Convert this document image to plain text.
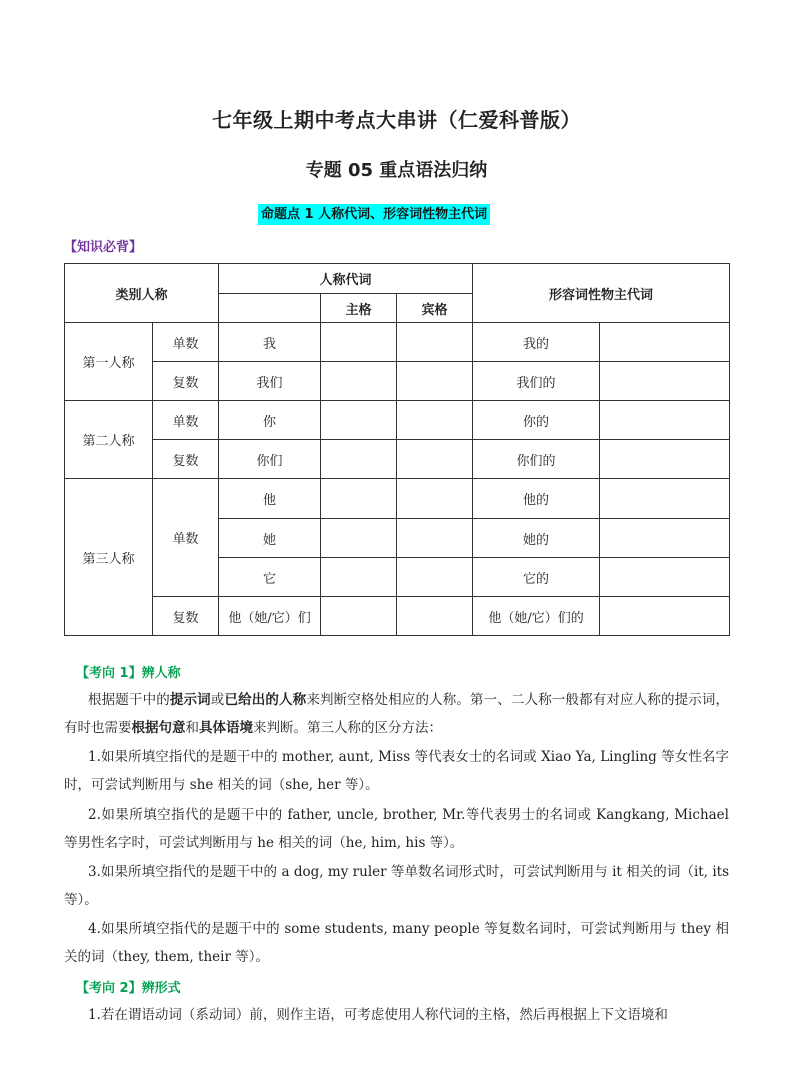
七年级上期中考点大串讲（仁爱科普版）
专题 05 重点语法归纳
命题点 1 人称代词、形容词性物主代词
【知识必背】
类别人称		人称代词			形容词性物主代词	
			主格	宾格		
第一人称	单数	我			我的	
	复数	我们			我们的	
第二人称	单数	你			你的	
	复数	你们			你们的	
第三人称	单数	他			他的	
		她			她的	
		它			它的	
	复数	他（她/它）们			他（她/它）们的	
【考向 1】辨人称
根据题干中的提示词或已给出的人称来判断空格处相应的人称。第一、二人称一般都有对应人称的提示词，有时也需要根据句意和具体语境来判断。第三人称的区分方法：
1.如果所填空指代的是题干中的 mother, aunt, Miss 等代表女士的名词或 Xiao Ya, Lingling 等女性名字时，可尝试判断用与 she 相关的词（she, her 等）。
2.如果所填空指代的是题干中的 father, uncle, brother, Mr.等代表男士的名词或 Kangkang, Michael 等男性名字时，可尝试判断用与 he 相关的词（he, him, his 等）。
3.如果所填空指代的是题干中的 a dog, my ruler 等单数名词形式时，可尝试判断用与 it 相关的词（it, its 等）。
4.如果所填空指代的是题干中的 some students, many people 等复数名词时，可尝试判断用与 they 相关的词（they, them, their 等）。
【考向 2】辨形式
1.若在谓语动词（系动词）前，则作主语，可考虑使用人称代词的主格，然后再根据上下文语境和
